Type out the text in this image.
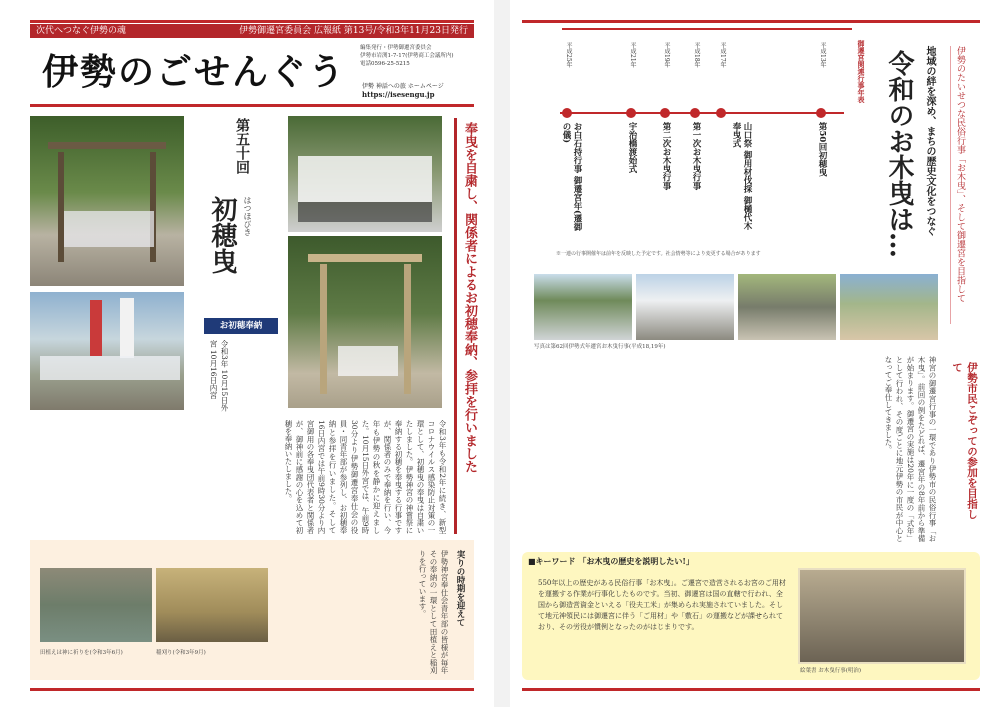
次代へつなぐ伊勢の魂	伊勢御遷宮委員会 広報紙 第13号/令和3年11月23日発行
伊勢のごせんぐう
編集発行・伊勢御遷宮委員会
伊勢市岩渕1-7-17(伊勢商工会議所内)
電話0596-25-5215
伊勢 神話への旅 ホームページ
https://isesengu.jp
第五十回
初穂曳 はつほびき
お初穂奉納
令和3年 10月15日外宮 10月16日内宮	奉曳を自粛し、関係者によるお初穂奉納、参拝を行いました
令和3年も令和2年に続き、新型コロナウイルス感染防止対策の一環として、初穂曳の奉曳は自粛いたしました。伊勢神宮の神嘗祭に奉納する初穂を奉曳する行事ですが、関係者のみで奉納を行い、今年も伊勢の秋を静かに迎えました。10月15日外宮では、午前9時30分より伊勢御遷宮奉仕会の役員・同青年部が参列し、お初穂奉納と参拝を行いました。そして16日内宮では午前9時30分より内宮御用の各奉曳団代表者と関係者が、御神前に感謝の心を込めて初穂を奉納いたしました。
実りの時期を迎えて
伊勢神宮奉仕会青年部の皆様が毎年その奉納の一環として田植えと稲刈りを行っています。
田植えは神に祈りを(令和3年6月)	稲刈り(令和3年9月)
御遷宮関連行事年表
平成25年
お白石持行事 御遷宮年(遷御の儀)
平成21年
宇治橋渡始式
平成19年
第二次お木曳行事
平成18年
第一次お木曳行事
平成17年
山口祭 御用材伐採 御樋代木奉曳式
平成13年
第50回初穂曳
※一連の行事開催年は前年を反映した予定です。社会情勢等により変更する場合があります	令和のお木曳は… 地域の絆を深め、まちの歴史文化をつなぐ 伊勢のたいせつな民俗行事「お木曳」、そして御遷宮を目指して
写真は第62回伊勢式年遷宮お木曳行事(平成18,19年)
伊勢市民こぞっての参加を目指して
神宮の御遷宮行事の一環であり伊勢市の民俗行事「お木曳」。前回の例をたどれば、遷宮年の8年前から準備が始まります。御遷宮の実施は20年に一度の「式年」として行われ、その度ごとに地元伊勢の市民が中心となってご奉仕してきました。
■キーワード 「お木曳の歴史を説明したい!」
550年以上の歴史がある民俗行事「お木曳」。ご遷宮で造営されるお宮のご用材を運搬する作業が行事化したものです。当初、御遷宮は国の直轄で行われ、全国から御造営資金といえる「役夫工米」が集められ実施されていました。そして地元神領民には御遷宮に伴う「ご用材」や「敷石」の運搬などが課せられており、その労役が慣例となったのがはじまりです。
絵葉書 お木曳行事(明治)
